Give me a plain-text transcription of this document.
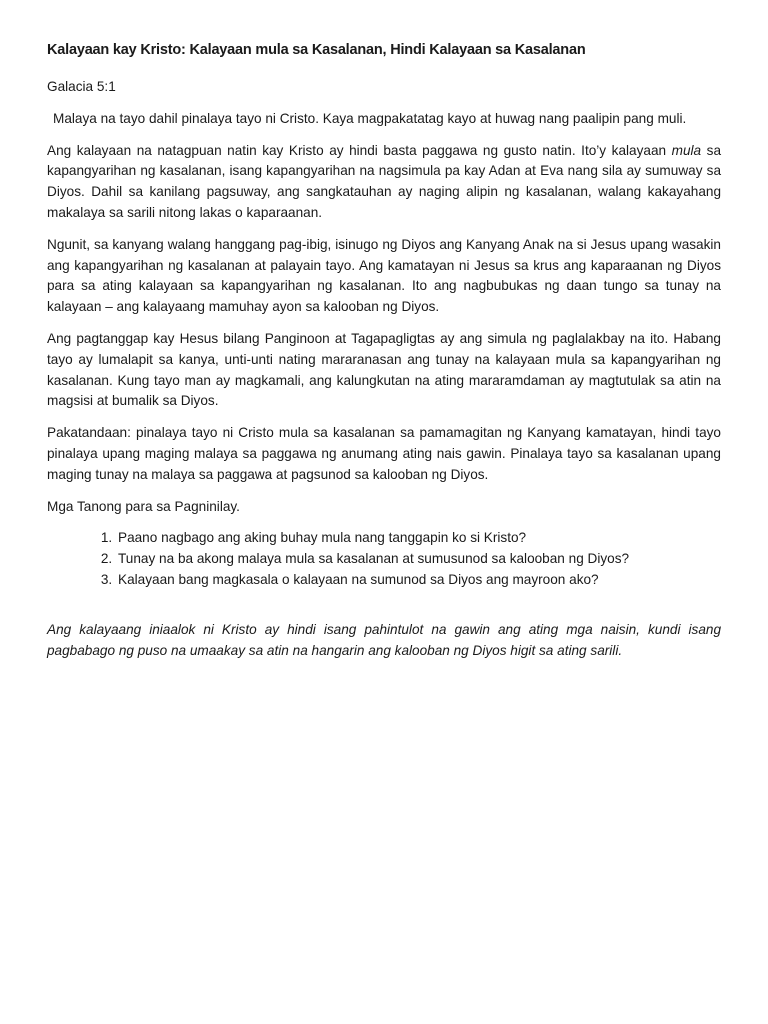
Kalayaan kay Kristo: Kalayaan mula sa Kasalanan, Hindi Kalayaan sa Kasalanan

Galacia 5:1

Malaya na tayo dahil pinalaya tayo ni Cristo. Kaya magpakatatag kayo at huwag nang paalipin pang muli.

Ang kalayaan na natagpuan natin kay Kristo ay hindi basta paggawa ng gusto natin. Ito’y kalayaan mula sa kapangyarihan ng kasalanan, isang kapangyarihan na nagsimula pa kay Adan at Eva nang sila ay sumuway sa Diyos. Dahil sa kanilang pagsuway, ang sangkatauhan ay naging alipin ng kasalanan, walang kakayahang makalaya sa sarili nitong lakas o kaparaanan.

Ngunit, sa kanyang walang hanggang pag-ibig, isinugo ng Diyos ang Kanyang Anak na si Jesus upang wasakin ang kapangyarihan ng kasalanan at palayain tayo. Ang kamatayan ni Jesus sa krus ang kaparaanan ng Diyos para sa ating kalayaan sa kapangyarihan ng kasalanan. Ito ang nagbubukas ng daan tungo sa tunay na kalayaan – ang kalayaang mamuhay ayon sa kalooban ng Diyos.

Ang pagtanggap kay Hesus bilang Panginoon at Tagapagligtas ay ang simula ng paglalakbay na ito. Habang tayo ay lumalapit sa kanya, unti-unti nating mararanasan ang tunay na kalayaan mula sa kapangyarihan ng kasalanan. Kung tayo man ay magkamali, ang kalungkutan na ating mararamdaman ay magtutulak sa atin na magsisi at bumalik sa Diyos.

Pakatandaan: pinalaya tayo ni Cristo mula sa kasalanan sa pamamagitan ng Kanyang kamatayan, hindi tayo pinalaya upang maging malaya sa paggawa ng anumang ating nais gawin. Pinalaya tayo sa kasalanan upang maging tunay na malaya sa paggawa at pagsunod sa kalooban ng Diyos.

Mga Tanong para sa Pagninilay.

1. Paano nagbago ang aking buhay mula nang tanggapin ko si Kristo?
2. Tunay na ba akong malaya mula sa kasalanan at sumusunod sa kalooban ng Diyos?
3. Kalayaan bang magkasala o kalayaan na sumunod sa Diyos ang mayroon ako?

Ang kalayaang iniaalok ni Kristo ay hindi isang pahintulot na gawin ang ating mga naisin, kundi isang pagbabago ng puso na umaakay sa atin na hangarin ang kalooban ng Diyos higit sa ating sarili.
